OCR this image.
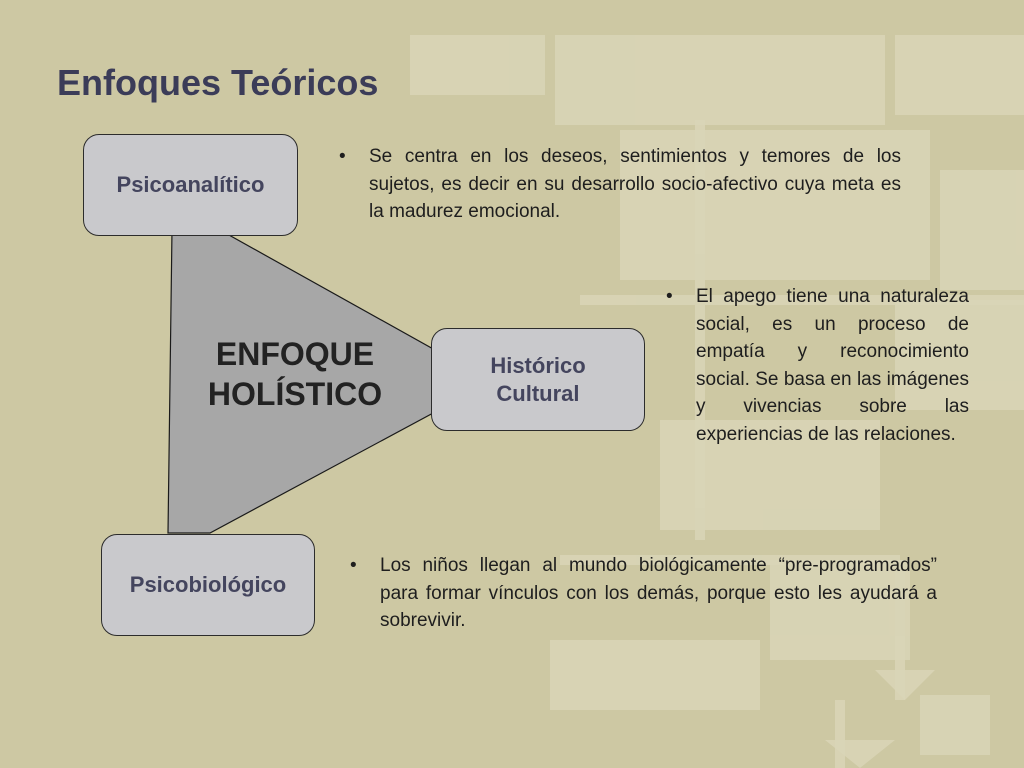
Enfoques Teóricos
ENFOQUE
HOLÍSTICO
Psicoanalítico
Histórico
Cultural
Psicobiológico
• Se centra en los deseos, sentimientos y temores de los sujetos, es decir en su desarrollo socio-afectivo cuya meta es la madurez emocional.
• El apego tiene una naturaleza social, es un proceso de empatía y reconocimiento social. Se basa en las imágenes y vivencias sobre las experiencias de las relaciones.
• Los niños llegan al mundo biológicamente “pre-programados” para formar vínculos con los demás, porque esto les ayudará a sobrevivir.
